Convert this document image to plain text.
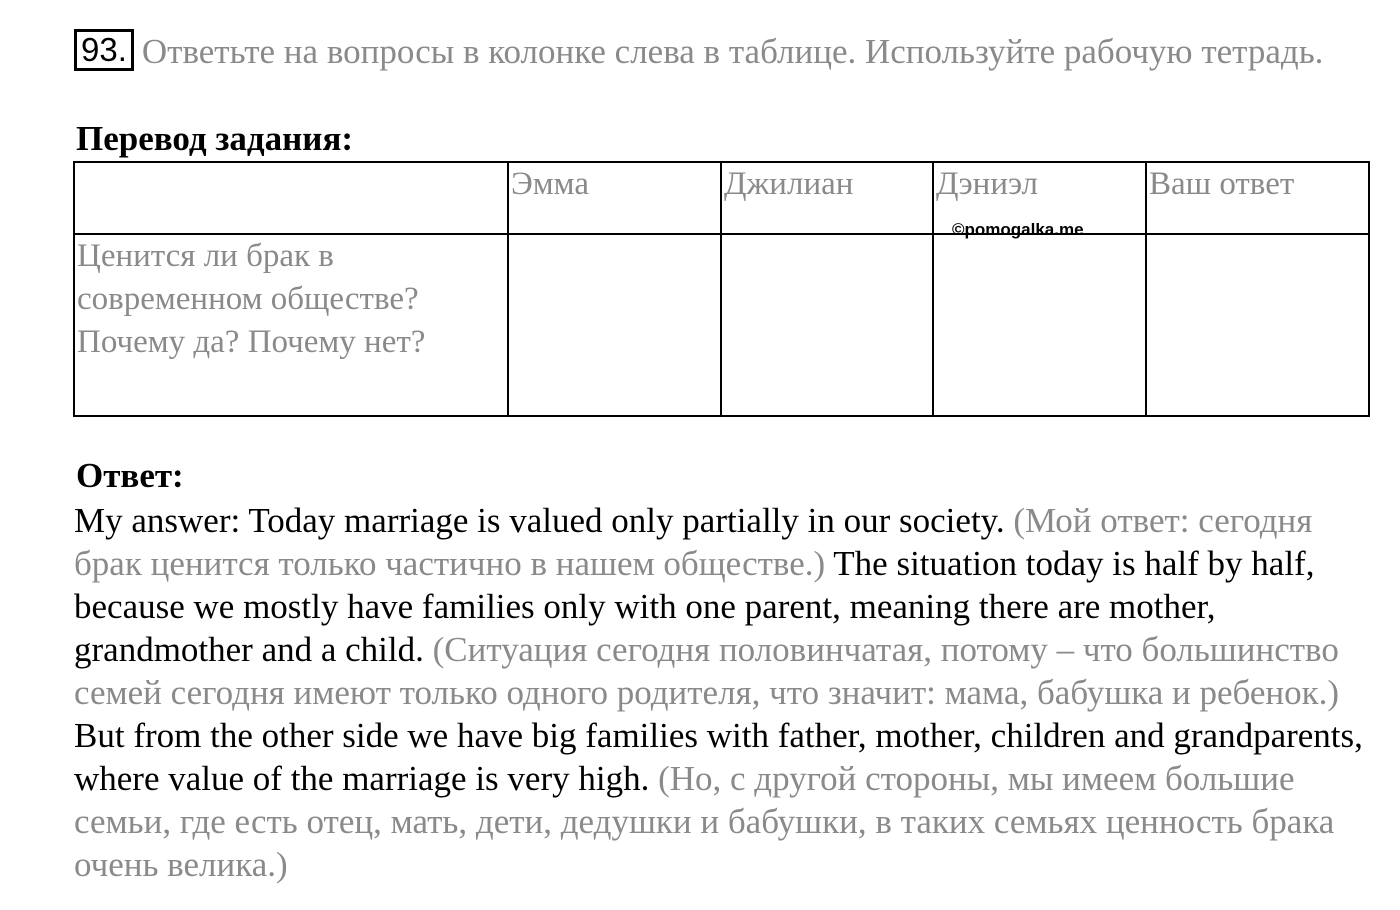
93. Ответьте на вопросы в колонке слева в таблице. Используйте рабочую тетрадь.
Перевод задания:

	Эмма	Джилиан	Дэниэл	Ваш ответ

Ценится ли брак в современном обществе? Почему да? Почему нет?				

©pomogalka.me
Ответ:
My answer: Today marriage is valued only partially in our society. (Мой ответ: сегодня брак ценится только частично в нашем обществе.) The situation today is half by half, because we mostly have families only with one parent, meaning there are mother, grandmother and a child. (Ситуация сегодня половинчатая, потому – что большинство семей сегодня имеют только одного родителя, что значит: мама, бабушка и ребенок.) But from the other side we have big families with father, mother, children and grandparents, where value of the marriage is very high. (Но, с другой стороны, мы имеем большие семьи, где есть отец, мать, дети, дедушки и бабушки, в таких семьях ценность брака очень велика.)
